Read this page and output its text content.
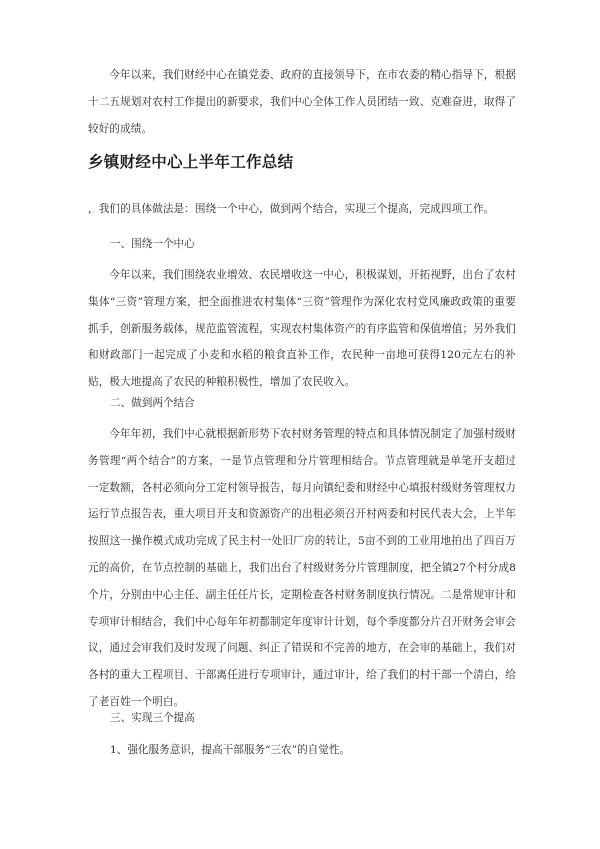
今年以来，我们财经中心在镇党委、政府的直接领导下，在市农委的精心指导下，根据十二五规划对农村工作提出的新要求，我们中心全体工作人员团结一致、克难奋进，取得了较好的成绩。

乡镇财经中心上半年工作总结

，我们的具体做法是：围绕一个中心，做到两个结合，实现三个提高，完成四项工作。

一、围绕一个中心

今年以来，我们围绕农业增效、农民增收这一中心，积极谋划，开拓视野，出台了农村集体“三资”管理方案，把全面推进农村集体“三资”管理作为深化农村党风廉政政策的重要抓手，创新服务载体，规范监管流程，实现农村集体资产的有序监管和保值增值；另外我们和财政部门一起完成了小麦和水稻的粮食直补工作，农民种一亩地可获得120元左右的补贴，极大地提高了农民的种粮积极性，增加了农民收入。

二、做到两个结合

今年年初，我们中心就根据新形势下农村财务管理的特点和具体情况制定了加强村级财务管理“两个结合”的方案，一是节点管理和分片管理相结合。节点管理就是单笔开支超过一定数额，各村必须向分工定村领导报告，每月向镇纪委和财经中心填报村级财务管理权力运行节点报告表，重大项目开支和资源资产的出租必须召开村两委和村民代表大会，上半年按照这一操作模式成功完成了民主村一处旧厂房的转让，5亩不到的工业用地拍出了四百万元的高价，在节点控制的基础上，我们出台了村级财务分片管理制度，把全镇27个村分成8个片，分别由中心主任、副主任任片长，定期检查各村财务制度执行情况。二是常规审计和专项审计相结合，我们中心每年年初都制定年度审计计划，每个季度都分片召开财务会审会议，通过会审我们及时发现了问题、纠正了错误和不完善的地方，在会审的基础上，我们对各村的重大工程项目、干部离任进行专项审计，通过审计，给了我们的村干部一个清白，给了老百姓一个明白。

三、实现三个提高

1、强化服务意识，提高干部服务“三农”的自觉性。
